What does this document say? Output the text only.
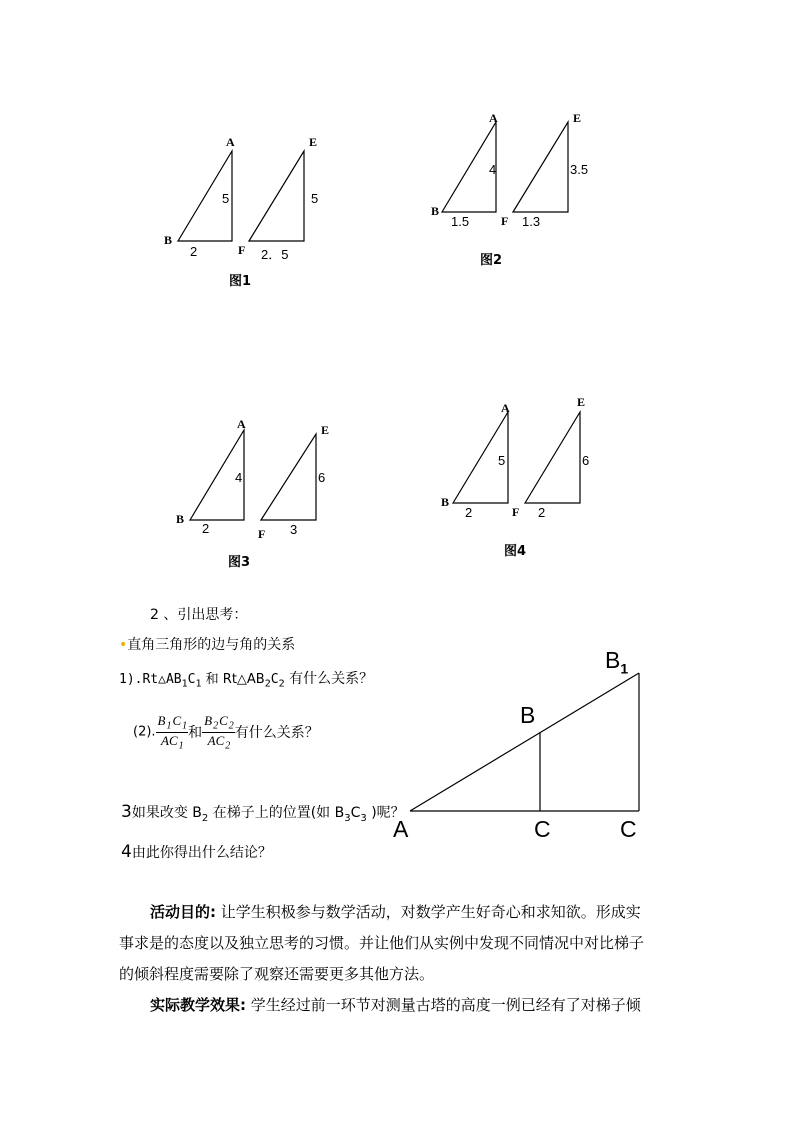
A
B
5
2
E
F
5
2．5
图1
A
B
4
1.5
E
F
3.5
1.3
图2
A
B
4
2
E
F
6
3
图3
A
B
5
2
E
F
6
2
图4
A
B
$B_1$
C	C
2 、引出思考：
•直角三角形的边与角的关系
$1).Rt\triangle AB_1C_1$ 和 $Rt\triangle AB_2C_2$ 有什么关系？
(2). $\frac{B_1C_1}{AC_1}$ 和 $\frac{B_2C_2}{AC_2}$ 有什么关系？
3如果改变 $B_2$ 在梯子上的位置(如 $B_3C_3$ )呢？
4由此你得出什么结论？
活动目的: 让学生积极参与数学活动，对数学产生好奇心和求知欲。形成实
事求是的态度以及独立思考的习惯。并让他们从实例中发现不同情况中对比梯子
的倾斜程度需要除了观察还需要更多其他方法。
实际教学效果: 学生经过前一环节对测量古塔的高度一例已经有了对梯子倾
